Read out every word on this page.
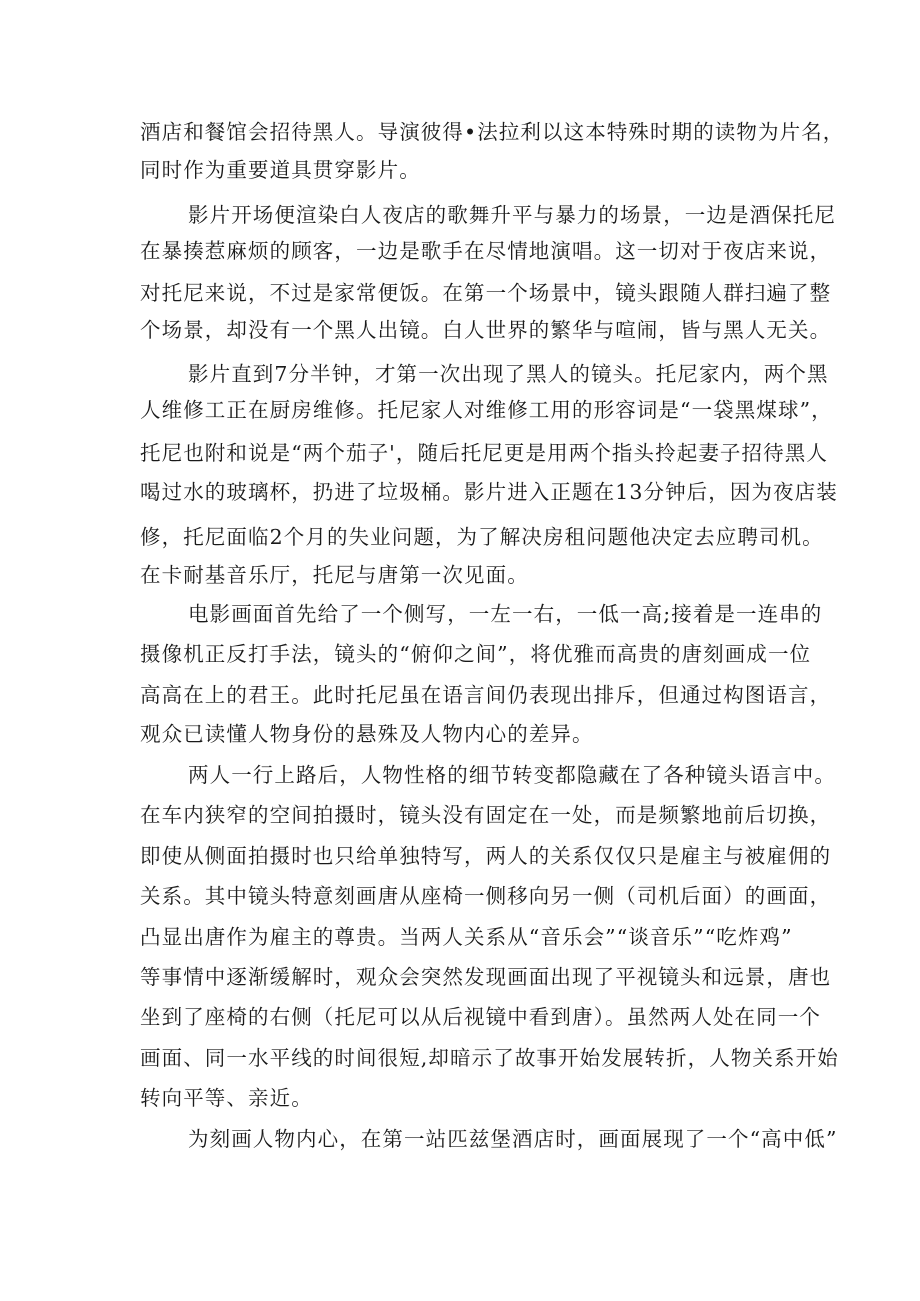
酒店和餐馆会招待黑人。导演彼得•法拉利以这本特殊时期的读物为片名，
同时作为重要道具贯穿影片。
影片开场便渲染白人夜店的歌舞升平与暴力的场景，一边是酒保托尼
在暴揍惹麻烦的顾客，一边是歌手在尽情地演唱。这一切对于夜店来说，
对托尼来说，不过是家常便饭。在第一个场景中，镜头跟随人群扫遍了整
个场景，却没有一个黑人出镜。白人世界的繁华与喧闹，皆与黑人无关。
影片直到7分半钟，才第一次出现了黑人的镜头。托尼家内，两个黑
人维修工正在厨房维修。托尼家人对维修工用的形容词是“一袋黑煤球”，
托尼也附和说是“两个茄子'，随后托尼更是用两个指头拎起妻子招待黑人
喝过水的玻璃杯，扔进了垃圾桶。影片进入正题在13分钟后，因为夜店装
修，托尼面临2个月的失业问题，为了解决房租问题他决定去应聘司机。
在卡耐基音乐厅，托尼与唐第一次见面。
电影画面首先给了一个侧写，一左一右，一低一高;接着是一连串的
摄像机正反打手法，镜头的“俯仰之间”，将优雅而高贵的唐刻画成一位
高高在上的君王。此时托尼虽在语言间仍表现出排斥，但通过构图语言，
观众已读懂人物身份的悬殊及人物内心的差异。
两人一行上路后，人物性格的细节转变都隐藏在了各种镜头语言中。
在车内狭窄的空间拍摄时，镜头没有固定在一处，而是频繁地前后切换，
即使从侧面拍摄时也只给单独特写，两人的关系仅仅只是雇主与被雇佣的
关系。其中镜头特意刻画唐从座椅一侧移向另一侧（司机后面）的画面，
凸显出唐作为雇主的尊贵。当两人关系从“音乐会”“谈音乐”“吃炸鸡”
等事情中逐渐缓解时，观众会突然发现画面出现了平视镜头和远景，唐也
坐到了座椅的右侧（托尼可以从后视镜中看到唐）。虽然两人处在同一个
画面、同一水平线的时间很短,却暗示了故事开始发展转折，人物关系开始
转向平等、亲近。
为刻画人物内心，在第一站匹兹堡酒店时，画面展现了一个“高中低”
